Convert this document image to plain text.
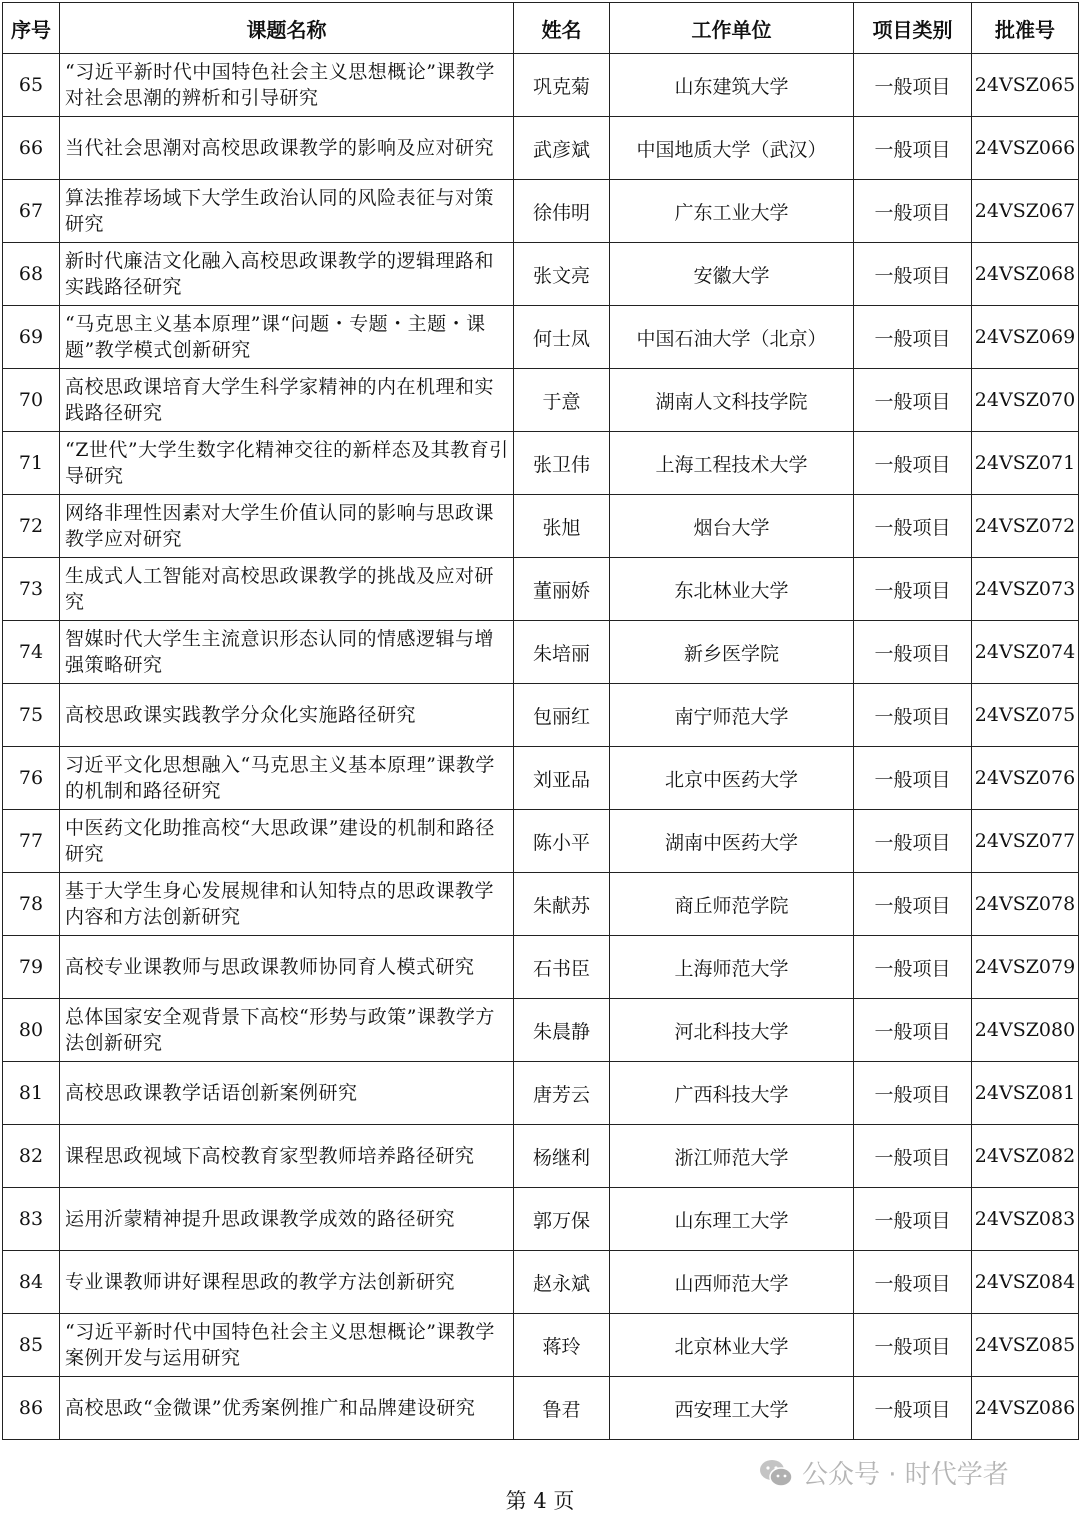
序号	课题名称	姓名	工作单位	项目类别	批准号
65	“习近平新时代中国特色社会主义思想概论”课教学对社会思潮的辨析和引导研究	巩克菊	山东建筑大学	一般项目	24VSZ065
66	当代社会思潮对高校思政课教学的影响及应对研究	武彦斌	中国地质大学（武汉）	一般项目	24VSZ066
67	算法推荐场域下大学生政治认同的风险表征与对策研究	徐伟明	广东工业大学	一般项目	24VSZ067
68	新时代廉洁文化融入高校思政课教学的逻辑理路和实践路径研究	张文亮	安徽大学	一般项目	24VSZ068
69	“马克思主义基本原理”课“问题・专题・主题・课题”教学模式创新研究	何士凤	中国石油大学（北京）	一般项目	24VSZ069
70	高校思政课培育大学生科学家精神的内在机理和实践路径研究	于意	湖南人文科技学院	一般项目	24VSZ070
71	“Z世代”大学生数字化精神交往的新样态及其教育引导研究	张卫伟	上海工程技术大学	一般项目	24VSZ071
72	网络非理性因素对大学生价值认同的影响与思政课教学应对研究	张旭	烟台大学	一般项目	24VSZ072
73	生成式人工智能对高校思政课教学的挑战及应对研究	董丽娇	东北林业大学	一般项目	24VSZ073
74	智媒时代大学生主流意识形态认同的情感逻辑与增强策略研究	朱培丽	新乡医学院	一般项目	24VSZ074
75	高校思政课实践教学分众化实施路径研究	包丽红	南宁师范大学	一般项目	24VSZ075
76	习近平文化思想融入“马克思主义基本原理”课教学的机制和路径研究	刘亚品	北京中医药大学	一般项目	24VSZ076
77	中医药文化助推高校“大思政课”建设的机制和路径研究	陈小平	湖南中医药大学	一般项目	24VSZ077
78	基于大学生身心发展规律和认知特点的思政课教学内容和方法创新研究	朱献苏	商丘师范学院	一般项目	24VSZ078
79	高校专业课教师与思政课教师协同育人模式研究	石书臣	上海师范大学	一般项目	24VSZ079
80	总体国家安全观背景下高校“形势与政策”课教学方法创新研究	朱晨静	河北科技大学	一般项目	24VSZ080
81	高校思政课教学话语创新案例研究	唐芳云	广西科技大学	一般项目	24VSZ081
82	课程思政视域下高校教育家型教师培养路径研究	杨继利	浙江师范大学	一般项目	24VSZ082
83	运用沂蒙精神提升思政课教学成效的路径研究	郭万保	山东理工大学	一般项目	24VSZ083
84	专业课教师讲好课程思政的教学方法创新研究	赵永斌	山西师范大学	一般项目	24VSZ084
85	“习近平新时代中国特色社会主义思想概论”课教学案例开发与运用研究	蒋玲	北京林业大学	一般项目	24VSZ085
86	高校思政“金微课”优秀案例推广和品牌建设研究	鲁君	西安理工大学	一般项目	24VSZ086
公众号 · 时代学者
第 4 页
